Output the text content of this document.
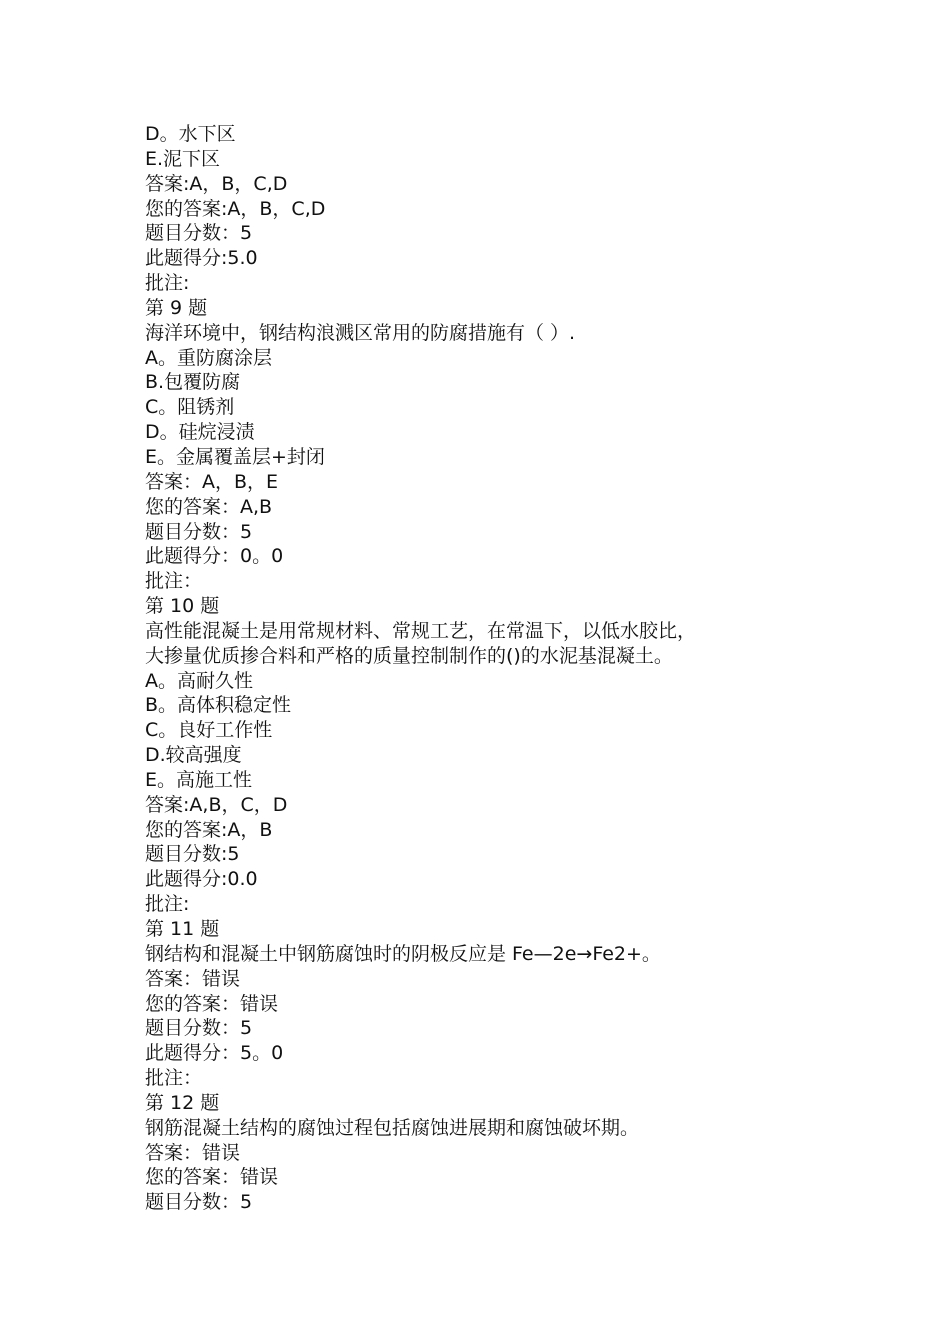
D。水下区
E.泥下区
答案:A，B，C,D
您的答案:A，B，C,D
题目分数：5
此题得分:5.0
批注:
第 9 题
海洋环境中，钢结构浪溅区常用的防腐措施有（ ）.
A。重防腐涂层
B.包覆防腐
C。阻锈剂
D。硅烷浸渍
E。金属覆盖层+封闭
答案：A，B，E
您的答案：A,B
题目分数：5
此题得分：0。0
批注：
第 10 题
高性能混凝土是用常规材料、常规工艺，在常温下，以低水胶比，
大掺量优质掺合料和严格的质量控制制作的()的水泥基混凝土。
A。高耐久性
B。高体积稳定性
C。良好工作性
D.较高强度
E。高施工性
答案:A,B，C，D
您的答案:A，B
题目分数:5
此题得分:0.0
批注:
第 11 题
钢结构和混凝土中钢筋腐蚀时的阴极反应是 Fe—2e→Fe2+。
答案：错误
您的答案：错误
题目分数：5
此题得分：5。0
批注：
第 12 题
钢筋混凝土结构的腐蚀过程包括腐蚀进展期和腐蚀破坏期。
答案：错误
您的答案：错误
题目分数：5
